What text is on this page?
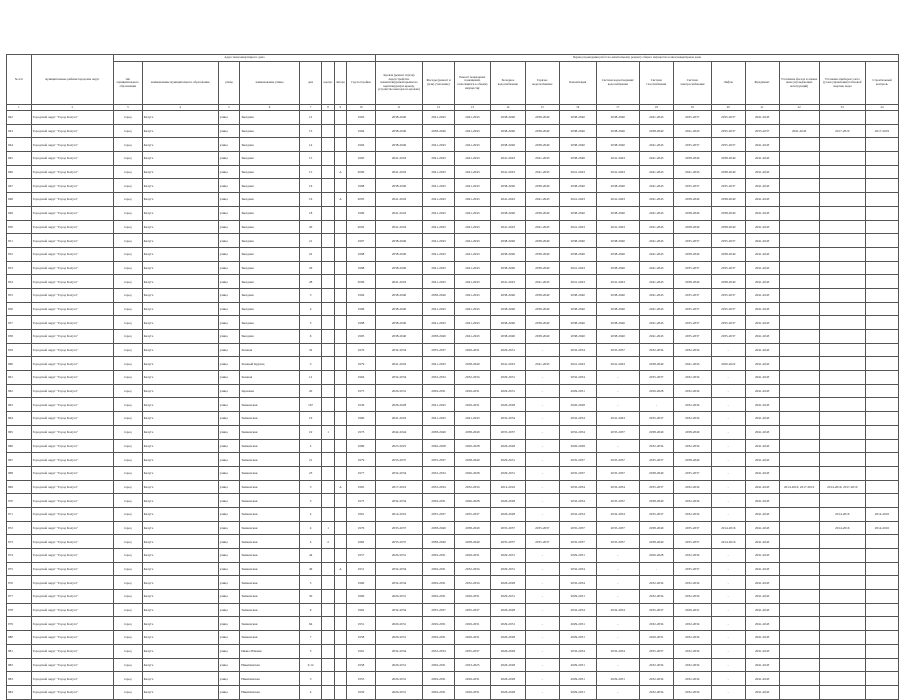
№ п/п	муниципальные районы/городские округ	Адрес многоквартирного дома								Период проведения работ по капитальному ремонту общего имущества в многоквартирном доме													
		тип муниципального образования	наименование муниципального образования	улица	наименование улицы	дом	корпус	литера	Год постройки	Кровля (ремонт и (или) переустройство невентилируемой крыши на вентилируемую крышу, устройство выходов на кровлю)	Фасады (ремонт и (или) утепление)	Ремонт подвальных помещений, относящихся к общему имуществу	Холодное водоснабжение	Горячее водоснабжение	Канализация	Система водоотведения/водоснабжения	Система газоснабжения	Система электроснабжения	Лифты	Фундамент	Утепление фасада и замена окон (ограждающих конструкций)	Установка приборов учета (узлов управления) тепловой энергии, воды	Строительный контроль
1	2	3	4	5	6	7	8	9	10	11	12	13	14	15	16	17	18	19	20	21	22	23	24
942	Городской округ "Город Калуга"	город	Калуга	улица	Звездная	12			1993	2038-2040	2041-2043	2041-2043	2038-2040	2038-2040	2038-2040	2038-2040	2041-2043	2035-2037	2035-2037	2041-2043			
943	Городской округ "Город Калуга"	город	Калуга	улица	Звездная	13			1994	2038-2040	2038-2040	2041-2043	2038-2040	2038-2040	2038-2040	2038-2040	2038-2040	2041-2043	2035-2037	2035-2037	2041-2043	2017-2019	2017-2019
944	Городской округ "Город Калуга"	город	Калуга	улица	Звездная	14			1994	2038-2040	2041-2043	2041-2043	2038-2040	2038-2040	2038-2040	2038-2040	2041-2043	2035-2037	2035-2037	2041-2043			
945	Городской округ "Город Калуга"	город	Калуга	улица	Звездная	15			1995	2041-2043	2041-2043	2041-2043	2041-2043	2041-2043	2038-2040	2041-2043	2041-2043	2038-2040	2038-2040	2041-2043			
946	Городской округ "Город Калуга"	город	Калуга	улица	Звездная	15		А	2009	2041-2043	2041-2043	2041-2043	2041-2043	2041-2043	2041-2043	2041-2043	2041-2043	2041-2043	2038-2040	2041-2043			
947	Городской округ "Город Калуга"	город	Калуга	улица	Звездная	16			1998	2038-2040	2041-2043	2041-2043	2038-2040	2038-2040	2038-2040	2038-2040	2041-2043	2035-2037	2035-2037	2041-2043			
948	Городской округ "Город Калуга"	город	Калуга	улица	Звездная	16		А	2005	2041-2043	2041-2043	2041-2043	2041-2043	2041-2043	2041-2043	2041-2043	2041-2043	2038-2040	2038-2040	2041-2043			
949	Городской округ "Город Калуга"	город	Калуга	улица	Звездная	18			1999	2041-2043	2041-2043	2041-2043	2038-2040	2038-2040	2038-2040	2038-2040	2041-2043	2038-2040	2038-2040	2041-2043			
950	Городской округ "Город Калуга"	город	Калуга	улица	Звездная	20			2002	2041-2043	2041-2043	2041-2043	2041-2043	2041-2043	2041-2043	2041-2043	2041-2043	2038-2040	2038-2040	2041-2043			
951	Городской округ "Город Калуга"	город	Калуга	улица	Звездная	21			1997	2038-2040	2041-2043	2041-2043	2038-2040	2038-2040	2038-2040	2038-2040	2041-2043	2035-2037	2035-2037	2041-2043			
952	Городской округ "Город Калуга"	город	Калуга	улица	Звездная	22			1998	2038-2040	2041-2043	2041-2043	2038-2040	2038-2040	2038-2040	2038-2040	2041-2043	2038-2040	2038-2040	2041-2043			
953	Городской округ "Город Калуга"	город	Калуга	улица	Звездная	26			1998	2038-2040	2041-2043	2041-2043	2038-2040	2038-2040	2041-2043	2038-2040	2041-2043	2035-2037	2035-2037	2041-2043			
954	Городской округ "Город Калуга"	город	Калуга	улица	Звездная	28			2006	2041-2043	2041-2043	2041-2043	2041-2043	2041-2043	2041-2043	2041-2043	2041-2043	2038-2040	2038-2040	2041-2043			
955	Городской округ "Город Калуга"	город	Калуга	улица	Звездная	3			1994	2038-2040	2038-2040	2041-2043	2038-2040	2038-2040	2038-2040	2038-2040	2041-2043	2035-2037	2035-2037	2041-2043			
956	Городской округ "Город Калуга"	город	Калуга	улица	Звездная	4			1996	2038-2040	2041-2043	2041-2043	2038-2040	2038-2040	2038-2040	2038-2040	2041-2043	2035-2037	2035-2037	2041-2043			
957	Городской округ "Город Калуга"	город	Калуга	улица	Звездная	5			1998	2038-2040	2041-2043	2041-2043	2038-2040	2038-2040	2038-2040	2038-2040	2041-2043	2035-2037	2035-2037	2041-2043			
958	Городской округ "Город Калуга"	город	Калуга	улица	Звездная	6			1995	2038-2040	2038-2040	2041-2043	2038-2040	2038-2040	2038-2040	2038-2040	2041-2043	2035-2037	2035-2037	2041-2043			
959	Городской округ "Город Калуга"	город	Калуга	улица	Зеленая	32			1970	2032-2034	2035-2037	2029-2031	2029-2031	-	2032-2034	2035-2037	2032-2034	2032-2034	-	2041-2043			
960	Городской округ "Город Калуга"	город	Калуга	улица	Зеленый Крупец	3			1979	2041-2043	2041-2043	2038-2040	2041-2043	2041-2043	2041-2043	2041-2043	2038-2040	2041-2043	2020-2022	2041-2043			
961	Городской округ "Город Калуга"	город	Калуга	улица	Зеленая	12			1964	2032-2034	2032-2034	2032-2034	2029-2031	-	2032-2034	-	2035-2037	2032-2034	-	2041-2043			
962	Городской округ "Город Калуга"	город	Калуга	улица	Зерновая	20			1975	2029-2031	2029-2031	2029-2031	2029-2031	-	2029-2031	-	2026-2028	2032-2034	-	2041-2043			
963	Городской округ "Город Калуга"	город	Калуга	улица	Знаменская	167			1936	2026-2028	2041-2043	2029-2031	2026-2028	-	2026-2028	-	-	2032-2034	-	2041-2043			
964	Городской округ "Город Калуга"	город	Калуга	улица	Знаменская	19			1960	2041-2043	2041-2043	2041-2043	2032-2034	-	2032-2034	2041-2043	2035-2037	2032-2034	-	2041-2043			
965	Городской округ "Город Калуга"	город	Калуга	улица	Знаменская	19	1		1973	2042-2044	2038-2040	2038-2040	2035-2037	-	2032-2034	2035-2037	2038-2040	2038-2040	-	2041-2043			
966	Городской округ "Город Калуга"	город	Калуга	улица	Знаменская	2			1989	2023-2025	2026-2028	2026-2028	2026-2028	-	2026-2028	-	2032-2034	2032-2034	-	2041-2043			
967	Городской округ "Город Калуга"	город	Калуга	улица	Знаменская	21			1979	2035-2037	2035-2037	2038-2040	2029-2031	-	2035-2037	2035-2037	2035-2037	2038-2040	-	2041-2043			
968	Городской округ "Город Калуга"	город	Калуга	улица	Знаменская	23			1977	2032-2034	2032-2034	2026-2028	2029-2031	-	2035-2037	2035-2037	2038-2040	2035-2037	-	2041-2043			
969	Городской округ "Город Калуга"	город	Калуга	улица	Знаменская	3		А	1965	2017-2019	2032-2034	2032-2034	2014-2016	-	2032-2034	2032-2034	2035-2037	2032-2034	-	2041-2043	2014-2016, 2017-2019	2014-2016, 2017-2019	
970	Городской округ "Город Калуга"	город	Калуга	улица	Знаменская	3			1973	2032-2034	2029-2031	2026-2028	2026-2028	-	2032-2034	2035-2037	2038-2040	2032-2034	-	2041-2043			
971	Городской округ "Город Калуга"	город	Калуга	улица	Знаменская	4			1961	2014-2016	2035-2037	2035-2037	2026-2028	-	2032-2034	2032-2034	2035-2037	2032-2034	-	2041-2043		2014-2016	2014-2016
972	Городской округ "Город Калуга"	город	Калуга	улица	Знаменская	4	1		1976	2035-2037	2038-2040	2038-2040	2035-2037	2035-2037	2035-2037	2035-2037	2038-2040	2035-2037	2014-2016	2041-2043		2014-2016	2014-2016
973	Городской округ "Город Калуга"	город	Калуга	улица	Знаменская	4	2		1982	2035-2037	2038-2040	2038-2040	2035-2037	2035-2037	2035-2037	2035-2037	2038-2040	2035-2037	2014-2016	2041-2043			
974	Городской округ "Город Калуга"	город	Калуга	улица	Знаменская	44			1957	2029-2031	2029-2031	2029-2031	2029-2031	-	2029-2031	-	2026-2028	2032-2034	-	2041-2043			
975	Городской округ "Город Калуга"	город	Калуга	улица	Знаменская	46		А	1951	2032-2034	2029-2031	2032-2034	2029-2031	-	2032-2034	-	-	2035-2037	-	2041-2043			
976	Городской округ "Город Калуга"	город	Калуга	улица	Знаменская	5			1960	2032-2034	2029-2031	2032-2034	2026-2028	-	2032-2034	-	2032-2034	2032-2034	-	2041-2043			
977	Городской округ "Город Калуга"	город	Калуга	улица	Знаменская	50			1960	2029-2031	2029-2031	2029-2031	2029-2031	-	2029-2031	-	2032-2034	2032-2034	-	2041-2043			
978	Городской округ "Город Калуга"	город	Калуга	улица	Знаменская	6			1962	2032-2034	2035-2037	2035-2037	2026-2028	-	2032-2034	2032-2034	2035-2037	2029-2031	-	2041-2043			
979	Городской округ "Город Калуга"	город	Калуга	улица	Знаменская	64			1951	2029-2031	2029-2031	2029-2031	2029-2031	-	2029-2031	-	2032-2034	2032-2034	-	2041-2043			
980	Городской округ "Город Калуга"	город	Калуга	улица	Знаменская	7			1958	2029-2031	2029-2031	2029-2031	2026-2028	-	2029-2031	-	2029-2031	2032-2034	-	2041-2043			
981	Городской округ "Город Калуга"	город	Калуга	улица	Ивано-Южная	5			1961	2032-2034	2032-2034	2035-2037	2026-2028	-	2032-2034	2032-2034	2035-2037	2032-2034	-	2041-2043			
982	Городской округ "Город Калуга"	город	Калуга	улица	Никитинская	2/12			1958	2029-2031	2029-2031	2023-2025	2026-2028	-	2029-2031	-	2032-2034	2032-2034	-	2041-2043			
983	Городской округ "Город Калуга"	город	Калуга	улица	Никитинская	3			1955	2029-2031	2029-2031	2029-2031	2026-2028	-	2029-2031	2029-2031	2032-2034	2032-2034	-	2041-2043			
984	Городской округ "Город Калуга"	город	Калуга	улица	Никитинская	4			1959	2029-2031	2029-2031	2029-2031	2026-2028	-	2029-2031	-	2032-2034	2032-2034	-	2041-2043			
